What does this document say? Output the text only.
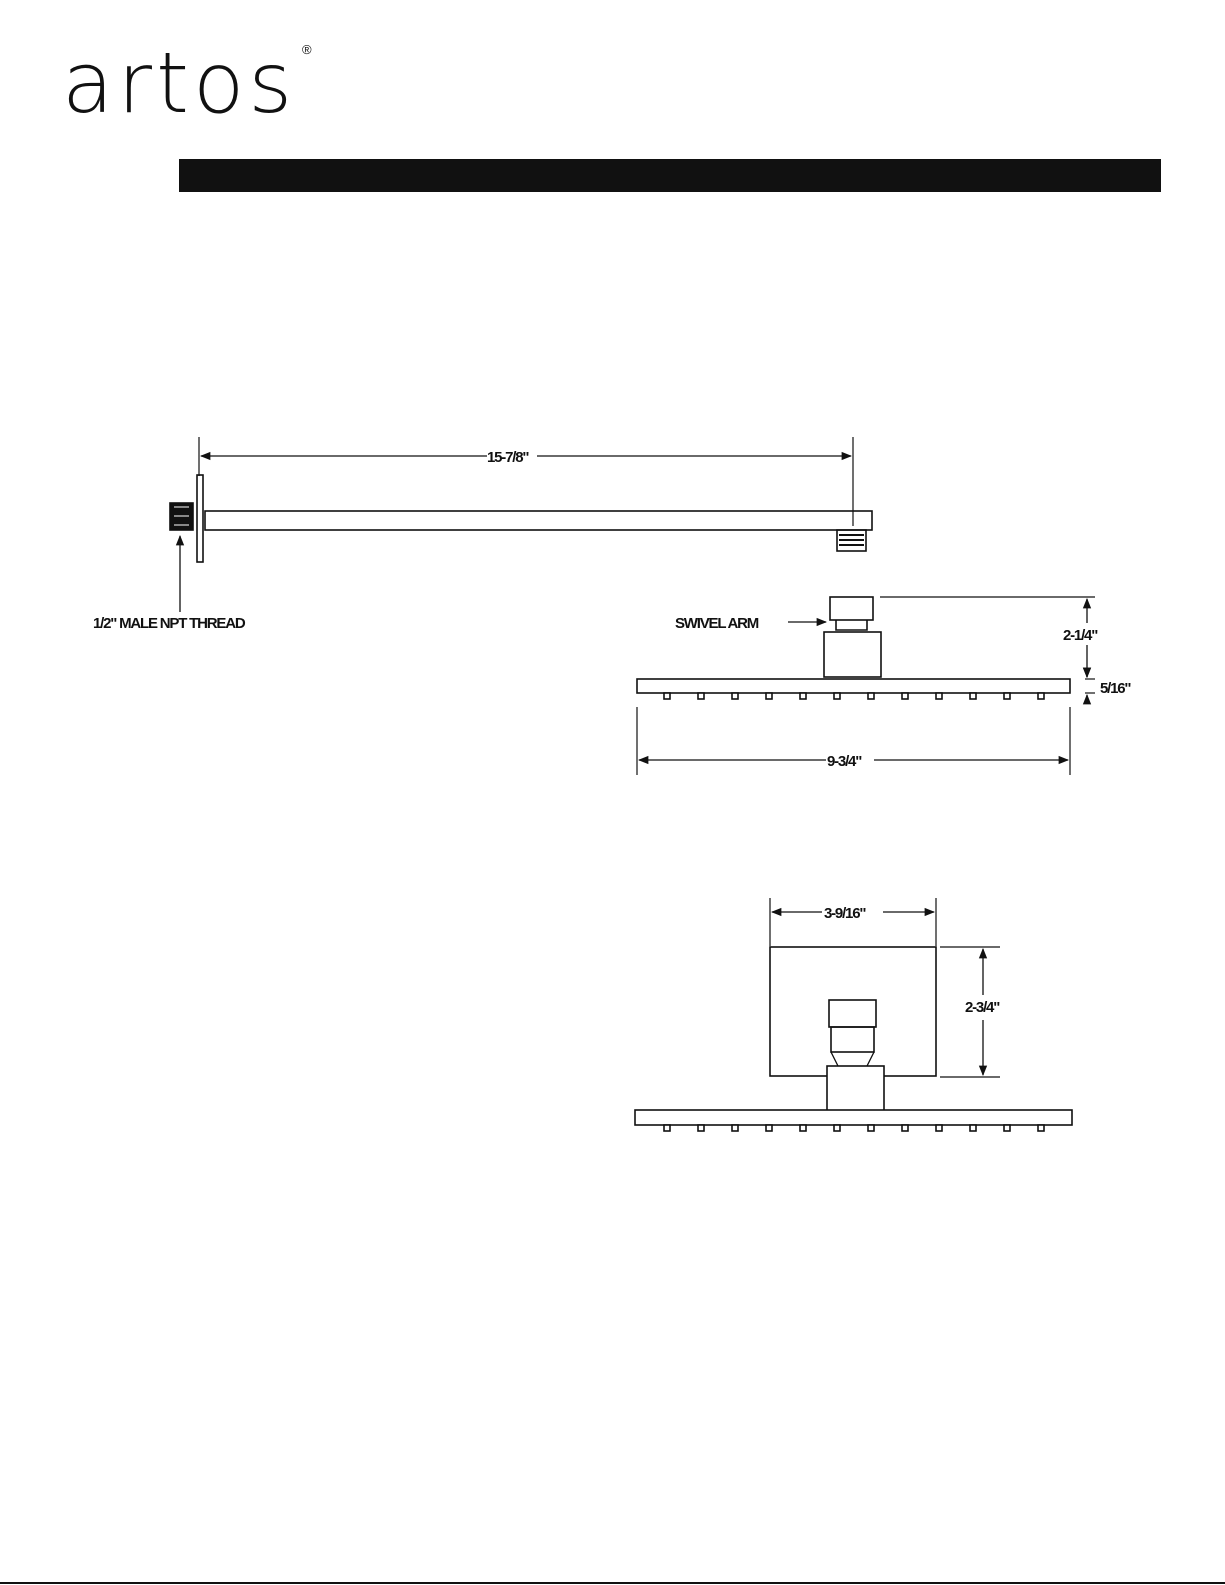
artos ®
15-7/8"
1/2" MALE NPT THREAD	SWIVEL ARM
2-1/4"
5/16"
9-3/4"
3-9/16"
2-3/4"
